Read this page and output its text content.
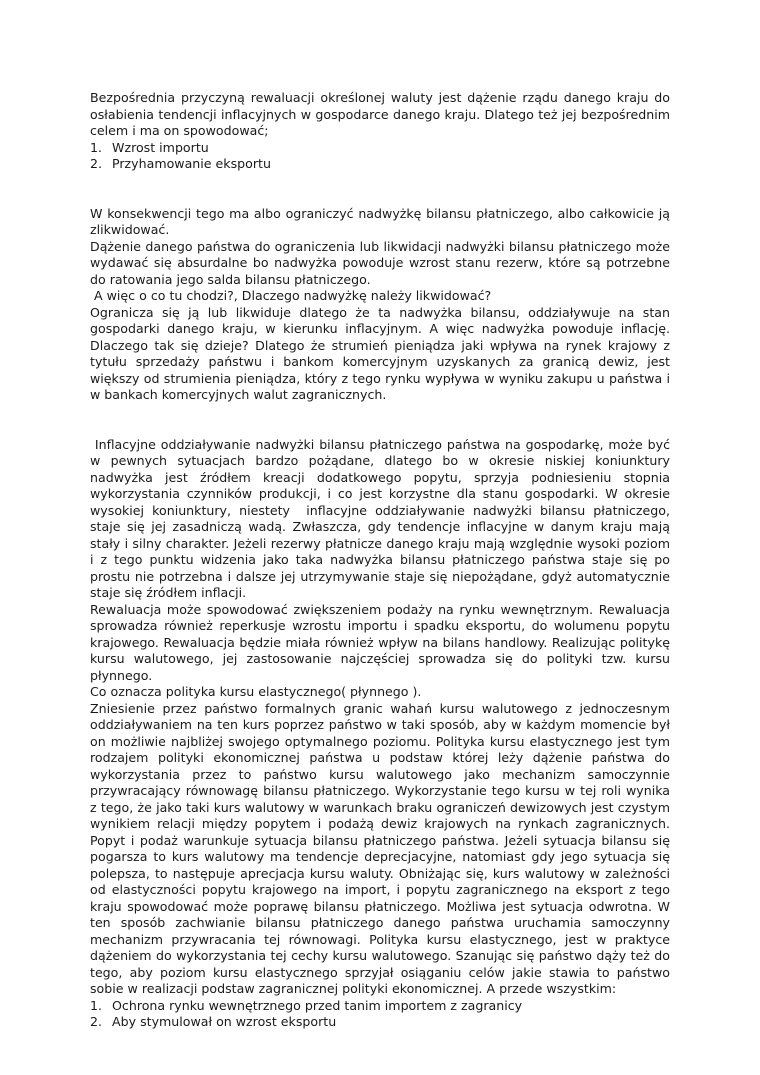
Bezpośrednia przyczyną rewaluacji określonej waluty jest dążenie rządu danego kraju do osłabienia tendencji inflacyjnych w gospodarce danego kraju. Dlatego też jej bezpośrednim celem i ma on spowodować;
1. Wzrost importu
2. Przyhamowanie eksportu
W konsekwencji tego ma albo ograniczyć nadwyżkę bilansu płatniczego, albo całkowicie ją zlikwidować.
Dążenie danego państwa do ograniczenia lub likwidacji nadwyżki bilansu płatniczego może wydawać się absurdalne bo nadwyżka powoduje wzrost stanu rezerw, które są potrzebne do ratowania jego salda bilansu płatniczego.
A więc o co tu chodzi?, Dlaczego nadwyżkę należy likwidować?
Ogranicza się ją lub likwiduje dlatego że ta nadwyżka bilansu, oddziaływuje na stan gospodarki danego kraju, w kierunku inflacyjnym. A więc nadwyżka powoduje inflację. Dlaczego tak się dzieje? Dlatego że strumień pieniądza jaki wpływa na rynek krajowy z tytułu sprzedaży państwu i bankom komercyjnym uzyskanych za granicą dewiz, jest większy od strumienia pieniądza, który z tego rynku wypływa w wyniku zakupu u państwa i w bankach komercyjnych walut zagranicznych.
Inflacyjne oddziaływanie nadwyżki bilansu płatniczego państwa na gospodarkę, może być w pewnych sytuacjach bardzo pożądane, dlatego bo w okresie niskiej koniunktury nadwyżka jest źródłem kreacji dodatkowego popytu, sprzyja podniesieniu stopnia wykorzystania czynników produkcji, i co jest korzystne dla stanu gospodarki. W okresie wysokiej koniunktury, niestety  inflacyjne oddziaływanie nadwyżki bilansu płatniczego, staje się jej zasadniczą wadą. Zwłaszcza, gdy tendencje inflacyjne w danym kraju mają stały i silny charakter. Jeżeli rezerwy płatnicze danego kraju mają względnie wysoki poziom i z tego punktu widzenia jako taka nadwyżka bilansu płatniczego państwa staje się po prostu nie potrzebna i dalsze jej utrzymywanie staje się niepożądane, gdyż automatycznie staje się źródłem inflacji.
Rewaluacja może spowodować zwiększeniem podaży na rynku wewnętrznym. Rewaluacja sprowadza również reperkusje wzrostu importu i spadku eksportu, do wolumenu popytu krajowego. Rewaluacja będzie miała również wpływ na bilans handlowy. Realizując politykę kursu walutowego, jej zastosowanie najczęściej sprowadza się do polityki tzw. kursu płynnego.
Co oznacza polityka kursu elastycznego( płynnego ).
Zniesienie przez państwo formalnych granic wahań kursu walutowego z jednoczesnym oddziaływaniem na ten kurs poprzez państwo w taki sposób, aby w każdym momencie był on możliwie najbliżej swojego optymalnego poziomu. Polityka kursu elastycznego jest tym rodzajem polityki ekonomicznej państwa u podstaw której leży dążenie państwa do wykorzystania przez to państwo kursu walutowego jako mechanizm samoczynnie przywracający równowagę bilansu płatniczego. Wykorzystanie tego kursu w tej roli wynika z tego, że jako taki kurs walutowy w warunkach braku ograniczeń dewizowych jest czystym wynikiem relacji między popytem i podażą dewiz krajowych na rynkach zagranicznych. Popyt i podaż warunkuje sytuacja bilansu płatniczego państwa. Jeżeli sytuacja bilansu się pogarsza to kurs walutowy ma tendencje deprecjacyjne, natomiast gdy jego sytuacja się polepsza, to następuje aprecjacja kursu waluty. Obniżając się, kurs walutowy w zależności od elastyczności popytu krajowego na import, i popytu zagranicznego na eksport z tego kraju spowodować może poprawę bilansu płatniczego. Możliwa jest sytuacja odwrotna. W ten sposób zachwianie bilansu płatniczego danego państwa uruchamia samoczynny mechanizm przywracania tej równowagi. Polityka kursu elastycznego, jest w praktyce dążeniem do wykorzystania tej cechy kursu walutowego. Szanując się państwo dąży też do tego, aby poziom kursu elastycznego sprzyjał osiąganiu celów jakie stawia to państwo sobie w realizacji podstaw zagranicznej polityki ekonomicznej. A przede wszystkim:
1. Ochrona rynku wewnętrznego przed tanim importem z zagranicy
2. Aby stymulował on wzrost eksportu
